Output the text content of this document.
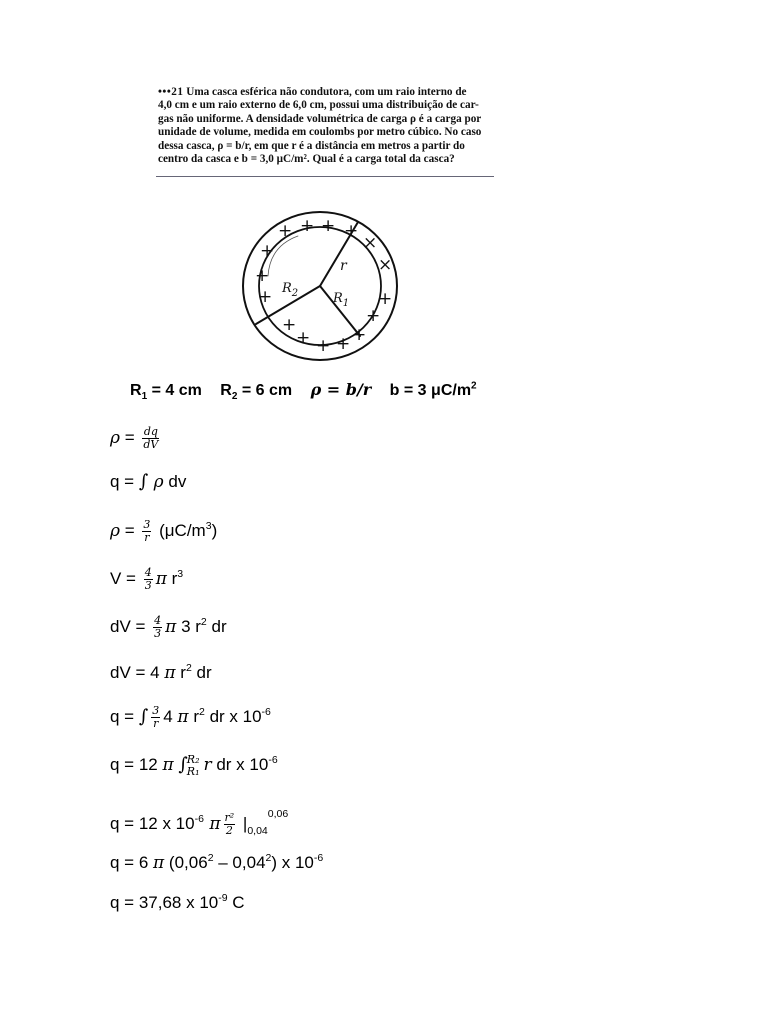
•••21 Uma casca esférica não condutora, com um raio interno de
4,0 cm e um raio externo de 6,0 cm, possui uma distribuição de car-
gas não uniforme. A densidade volumétrica de carga ρ é a carga por
unidade de volume, medida em coulombs por metro cúbico. No caso
dessa casca, ρ = b/r, em que r é a distância em metros a partir do
centro da casca e b = 3,0 μC/m². Qual é a carga total da casca?
r
$R_2$	$R_1$
+ + + +
×
×
+
+
+
+
+
+
+
+
+
+
$R_1 = 4$ cm $R_2 = 6$ cm ρ = b/r b = 3 $\mu C/m^2$
$\rho = \frac{dq}{dV}$
q = ∫ ρ dv
$\rho = \frac{3}{r} (\mu C/m^3)$
$V = \frac{4}{3}$ π $r^3$
dV = $\frac{4}{3}$ π 3 $r^2$ dr
dV = 4 π $r^2$ dr
q = ∫ $\frac{3}{r} 4$ π $r^2$ dr x $10^{-6}$
q = 12 π ∫ R₂
R₁ r dr x $10^{-6}$
q = 12 x $10^{-6}$ π $\frac{\text{r²}}{2} |_{0,04}^{0,06}$
q = 6 π (0,06$^2$ – 0,04$^2$) x $10^{-6}$
q = 37,68 x $10^{-9}$ C
